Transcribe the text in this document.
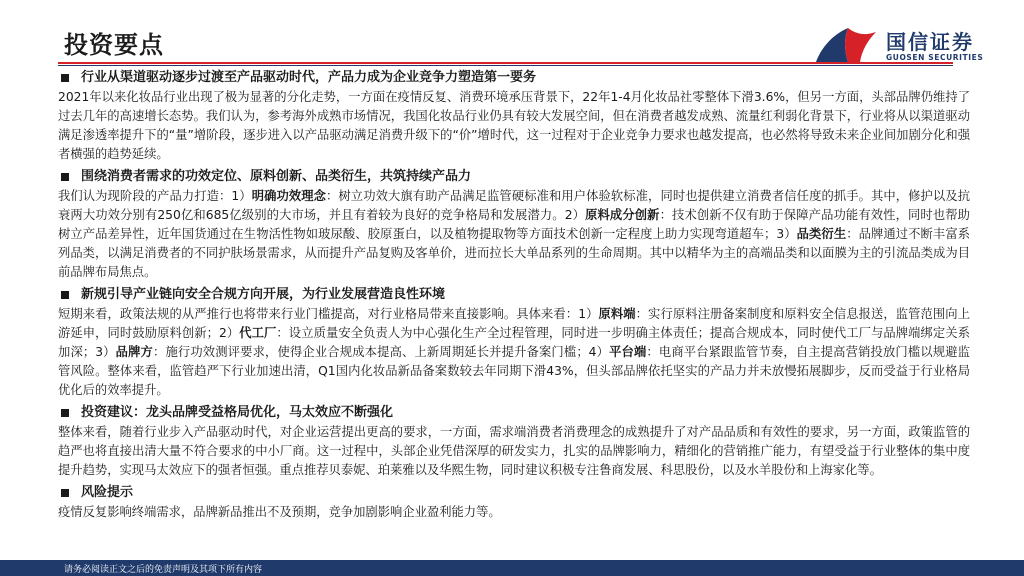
投资要点	国信证券
GUOSEN SECURITIES
行业从渠道驱动逐步过渡至产品驱动时代，产品力成为企业竞争力塑造第一要务

2021年以来化妆品行业出现了极为显著的分化走势，一方面在疫情反复、消费环境承压背景下，22年1-4月化妆品社零整体下滑3.6%，但另一方面，头部品牌仍维持了过去几年的高速增长态势。我们认为，参考海外成熟市场情况，我国化妆品行业仍具有较大发展空间，但在消费者越发成熟、流量红利弱化背景下，行业将从以渠道驱动满足渗透率提升下的“量”增阶段，逐步进入以产品驱动满足消费升级下的“价”增时代，这一过程对于企业竞争力要求也越发提高，也必然将导致未来企业间加剧分化和强者横强的趋势延续。

围绕消费者需求的功效定位、原料创新、品类衍生，共筑持续产品力

我们认为现阶段的产品力打造：1）明确功效理念：树立功效大旗有助产品满足监管硬标准和用户体验软标准，同时也提供建立消费者信任度的抓手。其中，修护以及抗衰两大功效分别有250亿和685亿级别的大市场，并且有着较为良好的竞争格局和发展潜力。2）原料成分创新：技术创新不仅有助于保障产品功能有效性，同时也帮助树立产品差异性，近年国货通过在生物活性物如玻尿酸、胶原蛋白，以及植物提取物等方面技术创新一定程度上助力实现弯道超车；3）品类衍生：品牌通过不断丰富系列品类，以满足消费者的不同护肤场景需求，从而提升产品复购及客单价，进而拉长大单品系列的生命周期。其中以精华为主的高端品类和以面膜为主的引流品类成为目前品牌布局焦点。

新规引导产业链向安全合规方向开展，为行业发展营造良性环境

短期来看，政策法规的从严推行也将带来行业门槛提高，对行业格局带来直接影响。具体来看：1）原料端：实行原料注册备案制度和原料安全信息报送，监管范围向上游延申，同时鼓励原料创新；2）代工厂：设立质量安全负责人为中心强化生产全过程管理，同时进一步明确主体责任；提高合规成本，同时使代工厂与品牌端绑定关系加深；3）品牌方：施行功效测评要求，使得企业合规成本提高、上新周期延长并提升备案门槛；4）平台端：电商平台紧跟监管节奏，自主提高营销投放门槛以规避监管风险。整体来看，监管趋严下行业加速出清，Q1国内化妆品新品备案数较去年同期下滑43%，但头部品牌依托坚实的产品力并未放慢拓展脚步，反而受益于行业格局优化后的效率提升。

投资建议：龙头品牌受益格局优化，马太效应不断强化

整体来看，随着行业步入产品驱动时代，对企业运营提出更高的要求，一方面，需求端消费者消费理念的成熟提升了对产品品质和有效性的要求，另一方面，政策监管的趋严也将直接出清大量不符合要求的中小厂商。这一过程中，头部企业凭借深厚的研发实力，扎实的品牌影响力，精细化的营销推广能力，有望受益于行业整体的集中度提升趋势，实现马太效应下的强者恒强。重点推荐贝泰妮、珀莱雅以及华熙生物，同时建议积极专注鲁商发展、科思股份，以及水羊股份和上海家化等。

风险提示

疫情反复影响终端需求，品牌新品推出不及预期，竞争加剧影响企业盈利能力等。

请务必阅读正文之后的免责声明及其项下所有内容
